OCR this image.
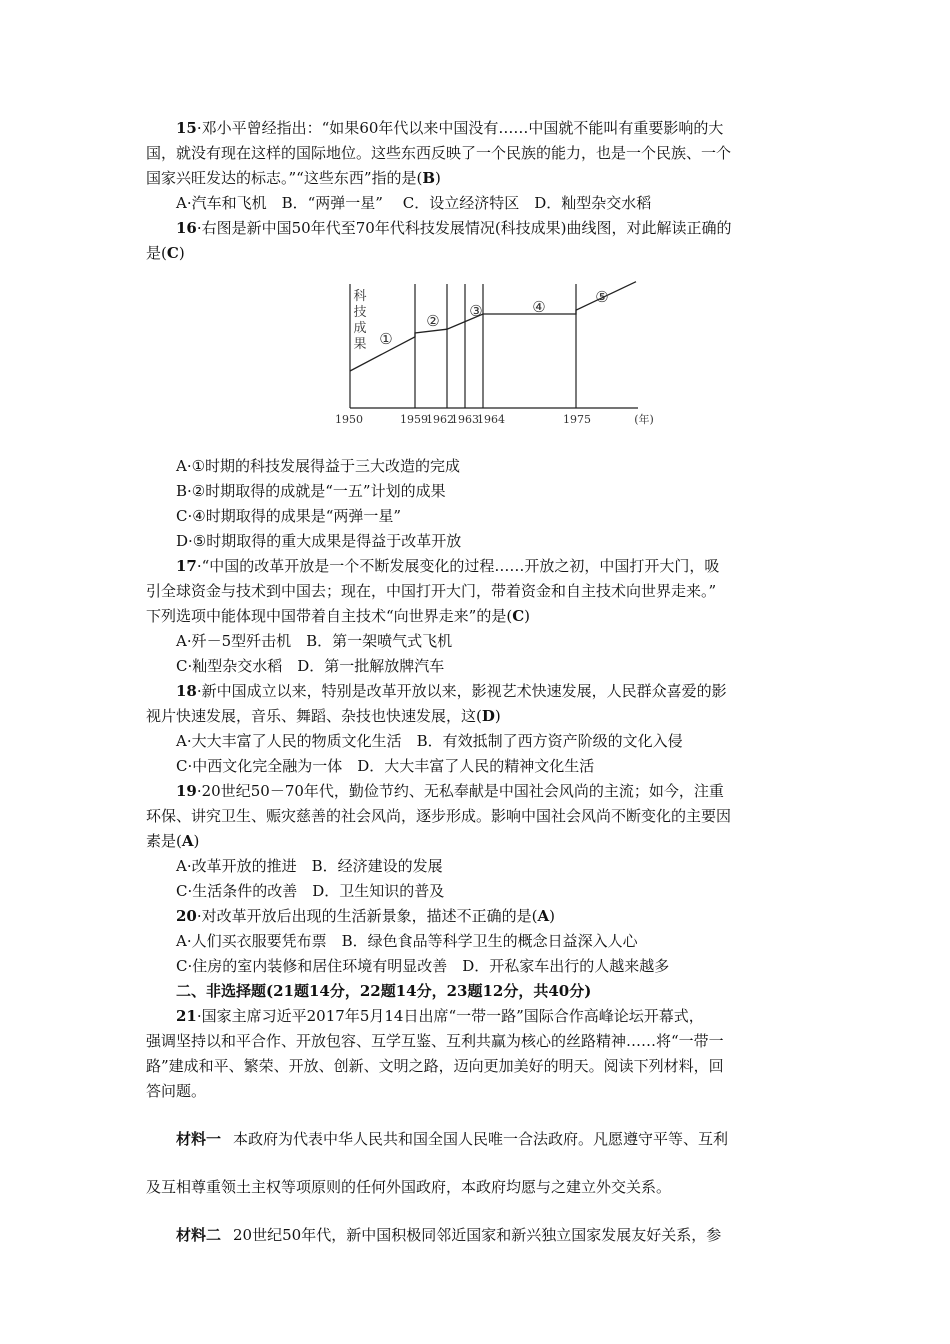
15·邓小平曾经指出：“如果60年代以来中国没有……中国就不能叫有重要影响的大

国，就没有现在这样的国际地位。这些东西反映了一个民族的能力，也是一个民族、一个

国家兴旺发达的标志。”“这些东西”指的是(B)

A·汽车和飞机　B．“两弹一星”　 C．设立经济特区　D．籼型杂交水稻

16·右图是新中国50年代至70年代科技发展情况(科技成果)曲线图，对此解读正确的

是(C)

1950	1959
1962
1963
1964	1975	(年)
科
技
成
果 ①
②
③	④
⑤

A·①时期的科技发展得益于三大改造的完成

B·②时期取得的成就是“一五”计划的成果

C·④时期取得的成果是“两弹一星”

D·⑤时期取得的重大成果是得益于改革开放

17·“中国的改革开放是一个不断发展变化的过程……开放之初，中国打开大门，吸

引全球资金与技术到中国去；现在，中国打开大门，带着资金和自主技术向世界走来。”

下列选项中能体现中国带着自主技术“向世界走来”的是(C)

A·歼－5型歼击机　B．第一架喷气式飞机

C·籼型杂交水稻　D．第一批解放牌汽车

18·新中国成立以来，特别是改革开放以来，影视艺术快速发展，人民群众喜爱的影

视片快速发展，音乐、舞蹈、杂技也快速发展，这(D)

A·大大丰富了人民的物质文化生活　B．有效抵制了西方资产阶级的文化入侵

C·中西文化完全融为一体　D．大大丰富了人民的精神文化生活

19·20世纪50－70年代，勤俭节约、无私奉献是中国社会风尚的主流；如今，注重

环保、讲究卫生、赈灾慈善的社会风尚，逐步形成。影响中国社会风尚不断变化的主要因

素是(A)

A·改革开放的推进　B．经济建设的发展

C·生活条件的改善　D．卫生知识的普及

20·对改革开放后出现的生活新景象，描述不正确的是(A)

A·人们买衣服要凭布票　B．绿色食品等科学卫生的概念日益深入人心

C·住房的室内装修和居住环境有明显改善　D．开私家车出行的人越来越多

二、非选择题(21题14分，22题14分，23题12分，共40分)

21·国家主席习近平2017年5月14日出席“一带一路”国际合作高峰论坛开幕式，

强调坚持以和平合作、开放包容、互学互鉴、互利共赢为核心的丝路精神……将“一带一

路”建成和平、繁荣、开放、创新、文明之路，迈向更加美好的明天。阅读下列材料，回

答问题。

材料一 本政府为代表中华人民共和国全国人民唯一合法政府。凡愿遵守平等、互利

及互相尊重领土主权等项原则的任何外国政府，本政府均愿与之建立外交关系。

材料二 20世纪50年代，新中国积极同邻近国家和新兴独立国家发展友好关系，参
